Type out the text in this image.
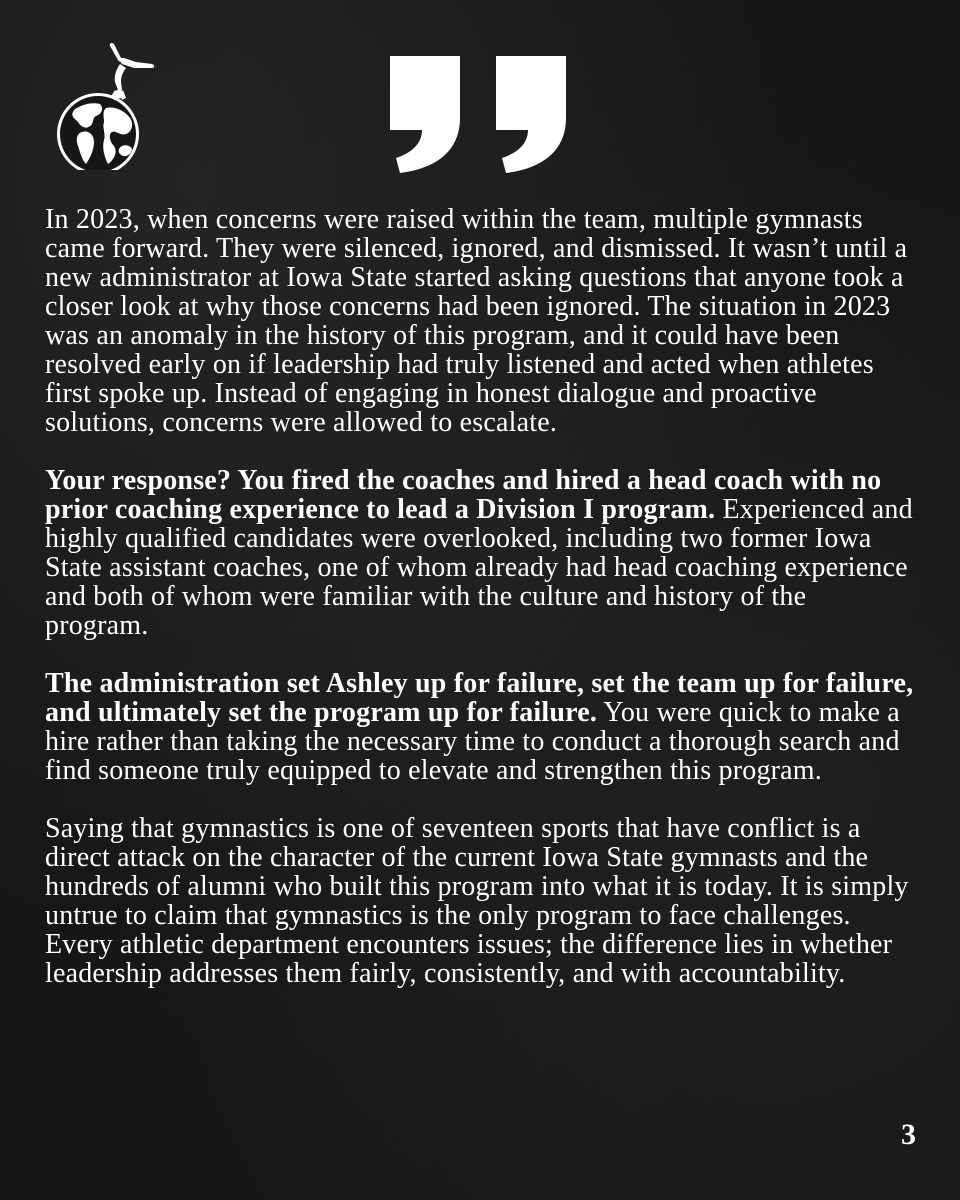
In 2023, when concerns were raised within the team, multiple gymnasts came forward. They were silenced, ignored, and dismissed. It wasn’t until a new administrator at Iowa State started asking questions that anyone took a closer look at why those concerns had been ignored. The situation in 2023 was an anomaly in the history of this program, and it could have been resolved early on if leadership had truly listened and acted when athletes first spoke up. Instead of engaging in honest dialogue and proactive solutions, concerns were allowed to escalate.

Your response? You fired the coaches and hired a head coach with no prior coaching experience to lead a Division I program. Experienced and highly qualified candidates were overlooked, including two former Iowa State assistant coaches, one of whom already had head coaching experience and both of whom were familiar with the culture and history of the program.

The administration set Ashley up for failure, set the team up for failure, and ultimately set the program up for failure. You were quick to make a hire rather than taking the necessary time to conduct a thorough search and find someone truly equipped to elevate and strengthen this program.

Saying that gymnastics is one of seventeen sports that have conflict is a direct attack on the character of the current Iowa State gymnasts and the hundreds of alumni who built this program into what it is today. It is simply untrue to claim that gymnastics is the only program to face challenges. Every athletic department encounters issues; the difference lies in whether leadership addresses them fairly, consistently, and with accountability.

3
